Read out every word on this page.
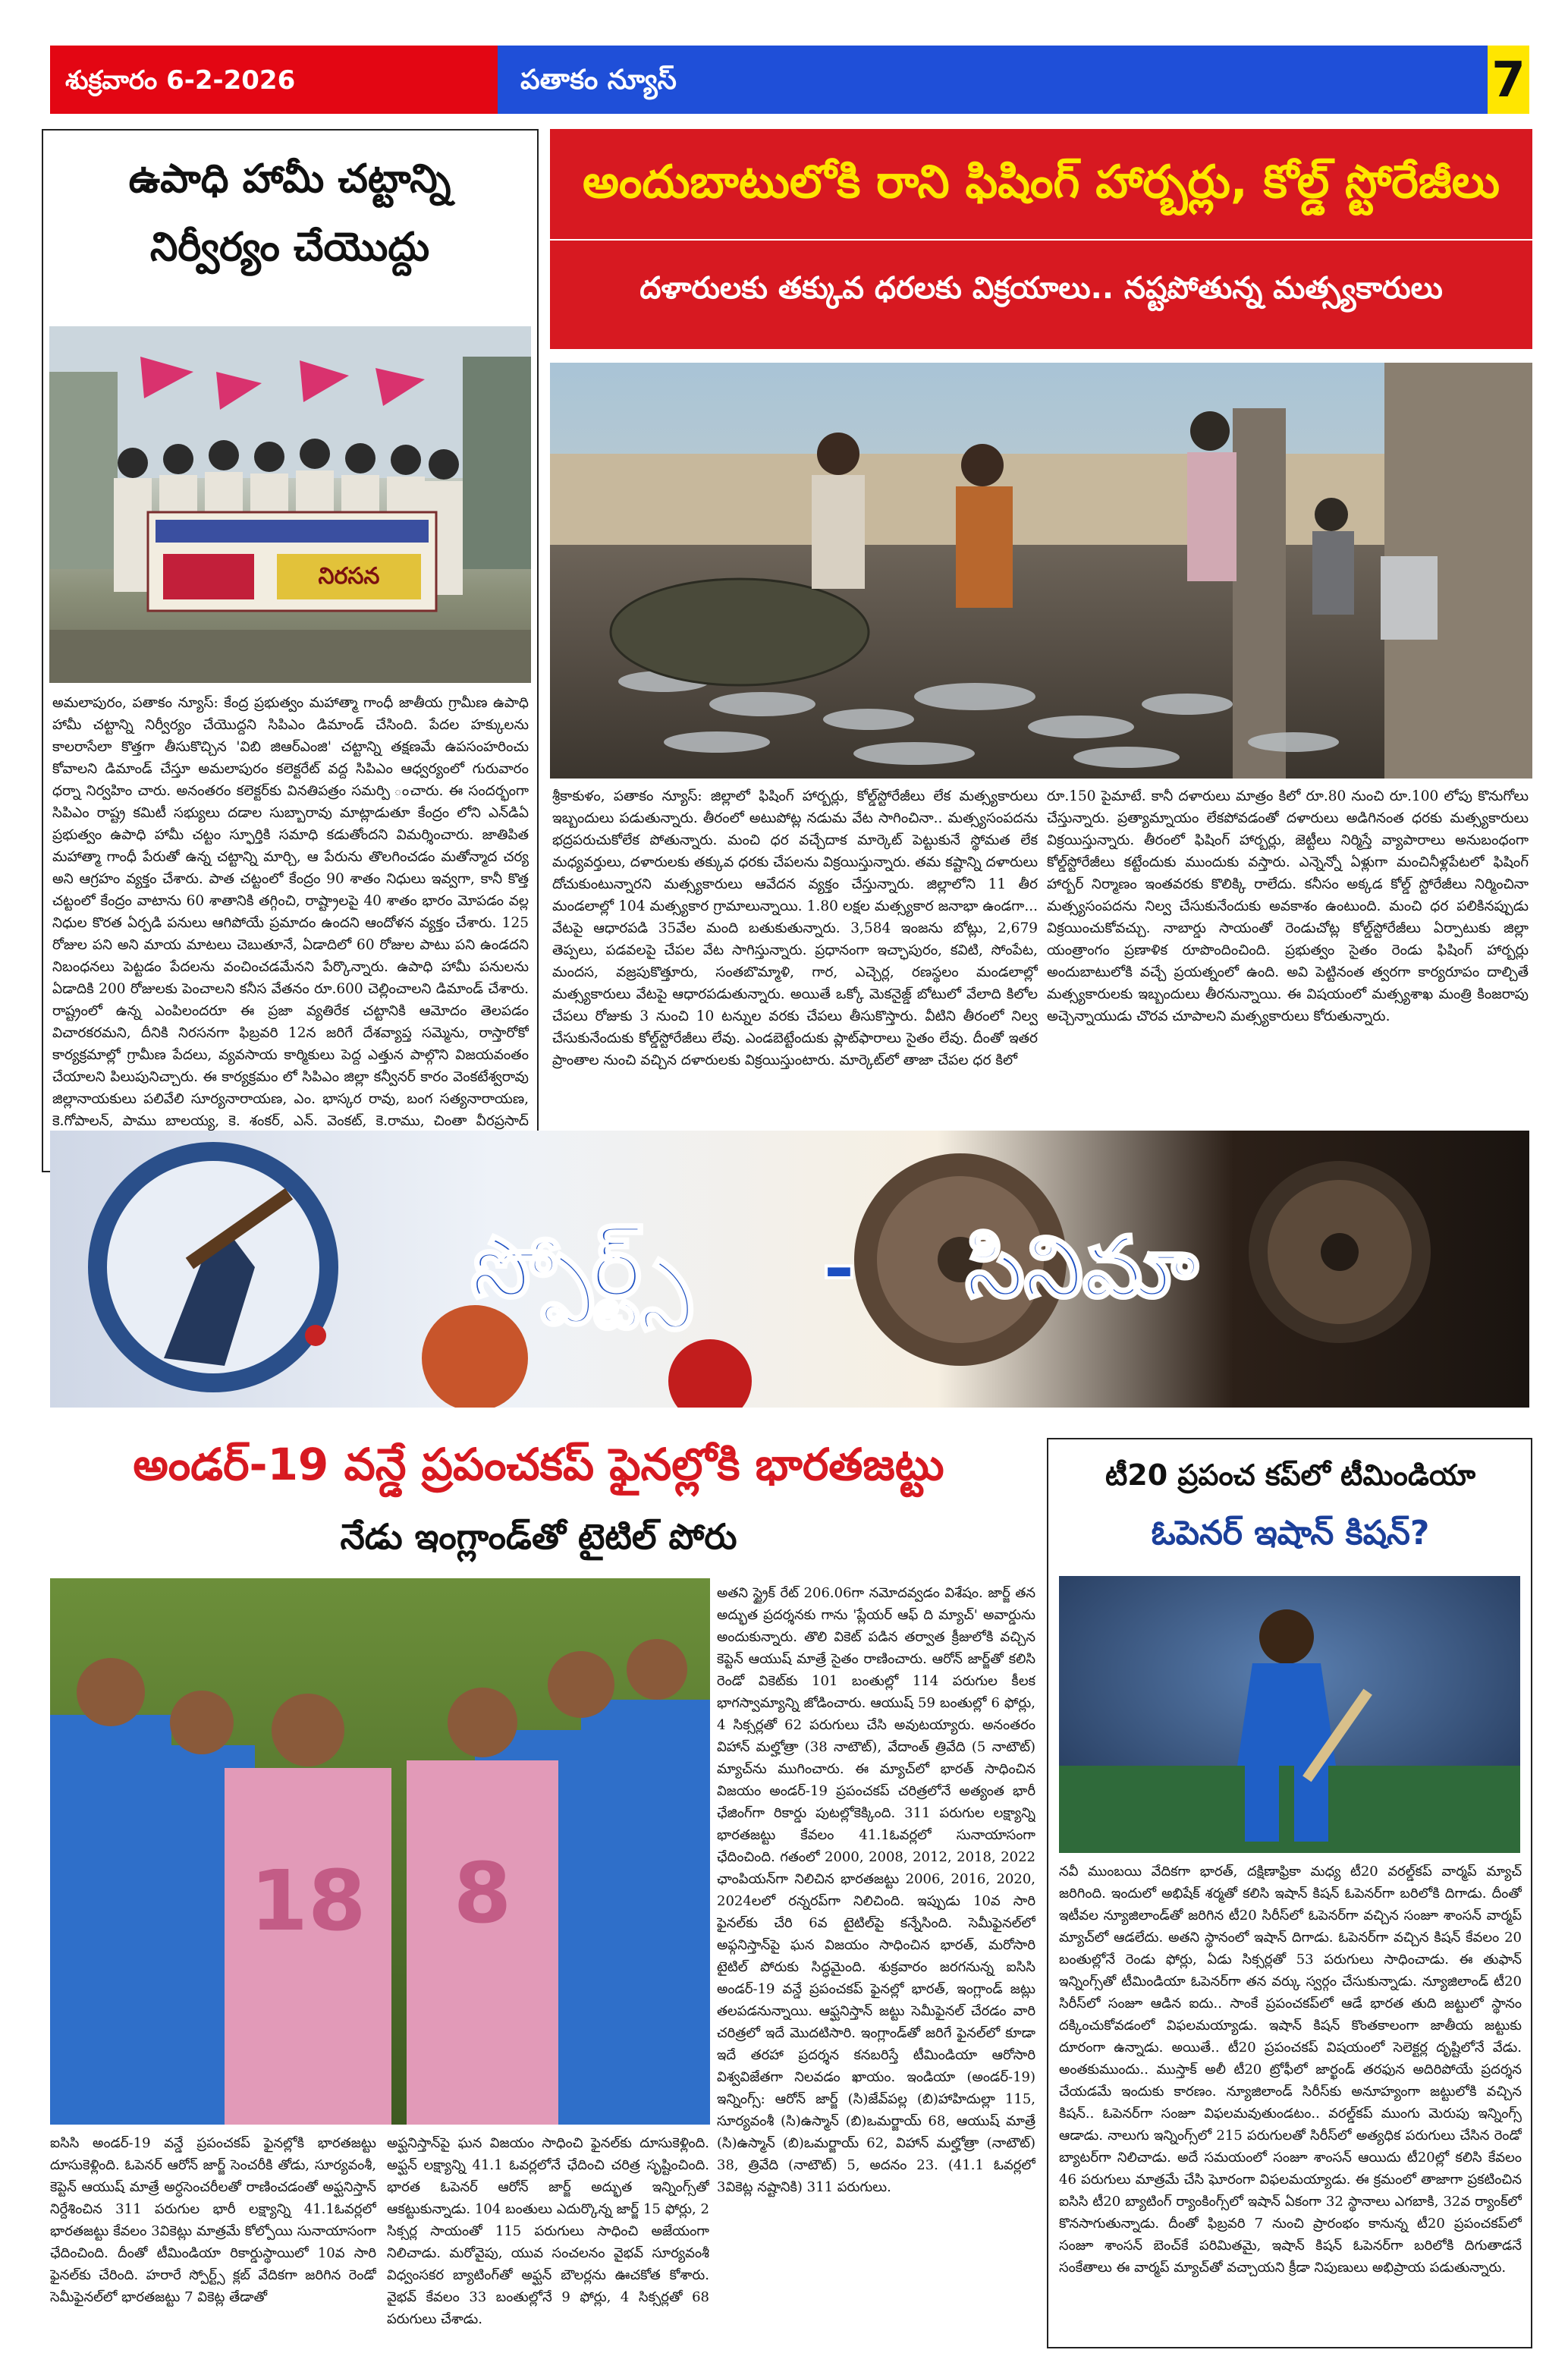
శుక్రవారం 6-2-2026	పతాకం న్యూస్	7
ఉపాధి హామీ చట్టాన్ని
నిర్వీర్యం చేయొద్దు
నిరసన
అమలాపురం, పతాకం న్యూస్: కేంద్ర ప్రభుత్వం మహాత్మా గాంధీ జాతీయ గ్రామీణ ఉపాధి హామీ చట్టాన్ని నిర్వీర్యం చేయొద్దని సిపిఎం డిమాండ్ చేసింది. పేదల హక్కులను కాలరాసేలా కొత్తగా తీసుకొచ్చిన 'విబి జిఆర్ఎంజి' చట్టాన్ని తక్షణమే ఉపసంహరించు కోవాలని డిమాండ్ చేస్తూ అమలాపురం కలెక్టరేట్ వద్ద సిపిఎం ఆధ్వర్యంలో గురువారం ధర్నా నిర్వహిం చారు. అనంతరం కలెక్టర్‌కు వినతిపత్రం సమర్పి ంచారు. ఈ సందర్భంగా సిపిఎం రాష్ట్ర కమిటీ సభ్యులు దడాల సుబ్బారావు మాట్లాడుతూ కేంద్రం లోని ఎన్‌డిఏ ప్రభుత్వం ఉపాధి హామీ చట్టం స్ఫూర్తికి సమాధి కడుతోందని విమర్శించారు. జాతిపిత మహాత్మా గాంధీ పేరుతో ఉన్న చట్టాన్ని మార్చి, ఆ పేరును తొలగించడం మతోన్మాద చర్య అని ఆగ్రహం వ్యక్తం చేశారు. పాత చట్టంలో కేంద్రం 90 శాతం నిధులు ఇవ్వగా, కానీ కొత్త చట్టంలో కేంద్రం వాటాను 60 శాతానికి తగ్గించి, రాష్ట్రాలపై 40 శాతం భారం మోపడం వల్ల నిధుల కొరత ఏర్పడి పనులు ఆగిపోయే ప్రమాదం ఉందని ఆందోళన వ్యక్తం చేశారు. 125 రోజుల పని అని మాయ మాటలు చెబుతూనే, ఏడాదిలో 60 రోజుల పాటు పని ఉండదని నిబంధనలు పెట్టడం పేదలను వంచించడమేనని పేర్కొన్నారు. ఉపాధి హామీ పనులను ఏడాదికి 200 రోజులకు పెంచాలని కనీస వేతనం రూ.600 చెల్లించాలని డిమాండ్ చేశారు. రాష్ట్రంలో ఉన్న ఎంపిలందరూ ఈ ప్రజా వ్యతిరేక చట్టానికి ఆమోదం తెలపడం విచారకరమని, దీనికి నిరసనగా ఫిబ్రవరి 12న జరిగే దేశవ్యాప్త సమ్మెను, రాస్తారోకో కార్యక్రమాల్లో గ్రామీణ పేదలు, వ్యవసాయ కార్మికులు పెద్ద ఎత్తున పాల్గొని విజయవంతం చేయాలని పిలుపునిచ్చారు. ఈ కార్యక్రమం లో సిపిఎం జిల్లా కన్వీనర్ కారం వెంకటేశ్వరావు జిల్లానాయకులు పలివేలి సూర్యనారాయణ, ఎం. భాస్కర రావు, బంగ సత్యనారాయణ, కె.గోపాలన్, పాము బాలయ్య, కె. శంకర్, ఎన్. వెంకట్, కె.రాము, చింతా వీరప్రసాద్
అందుబాటులోకి రాని ఫిషింగ్ హార్బర్లు, కోల్డ్ స్టోరేజీలు
దళారులకు తక్కువ ధరలకు విక్రయాలు.. నష్టపోతున్న మత్స్యకారులు
శ్రీకాకుళం, పతాకం న్యూస్: జిల్లాలో ఫిషింగ్ హార్బర్లు, కోల్డ్‌స్టోరేజీలు లేక మత్స్యకారులు ఇబ్బందులు పడుతున్నారు. తీరంలో అటుపోట్ల నడుమ వేట సాగించినా.. మత్స్యసంపదను భద్రపరుచుకోలేక పోతున్నారు. మంచి ధర వచ్చేదాక మార్కెట్ పెట్టుకునే స్థోమత లేక మధ్యవర్తులు, దళారులకు తక్కువ ధరకు చేపలను విక్రయిస్తున్నారు. తమ కష్టాన్ని దళారులు దోచుకుంటున్నారని మత్స్యకారులు ఆవేదన వ్యక్తం చేస్తున్నారు. జిల్లాలోని 11 తీర మండలాల్లో 104 మత్స్యకార గ్రామాలున్నాయి. 1.80 లక్షల మత్స్యకార జనాభా ఉండగా... వేటపై ఆధారపడి 35వేల మంది బతుకుతున్నారు. 3,584 ఇంజను బోట్లు, 2,679 తెప్పలు, పడవలపై చేపల వేట సాగిస్తున్నారు. ప్రధానంగా ఇచ్ఛాపురం, కవిటి, సోంపేట, మందస, వజ్రపుకొత్తూరు, సంతబొమ్మాళి, గార, ఎచ్చెర్ల, రణస్థలం మండలాల్లో మత్స్యకారులు వేటపై ఆధారపడుతున్నారు. అయితే ఒక్కో మెకనైజ్డ్ బోటులో వేలాది కిలోల చేపలు రోజుకు 3 నుంచి 10 టన్నుల వరకు చేపలు తీసుకొస్తారు. వీటిని తీరంలో నిల్వ చేసుకునేందుకు కోల్డ్‌స్టోరేజీలు లేవు. ఎండబెట్టేందుకు ప్లాట్‌ఫారాలు సైతం లేవు. దీంతో ఇతర ప్రాంతాల నుంచి వచ్చిన దళారులకు విక్రయిస్తుంటారు. మార్కెట్‌లో తాజా చేపల ధర కిలో
రూ.150 పైమాటే. కానీ దళారులు మాత్రం కిలో రూ.80 నుంచి రూ.100 లోపు కొనుగోలు చేస్తున్నారు. ప్రత్యామ్నాయం లేకపోవడంతో దళారులు అడిగినంత ధరకు మత్స్యకారులు విక్రయిస్తున్నారు. తీరంలో ఫిషింగ్ హార్బర్లు, జెట్టీలు నిర్మిస్తే వ్యాపారాలు అనుబంధంగా కోల్డ్‌స్టోరేజీలు కట్టేందుకు ముందుకు వస్తారు. ఎన్నెన్నో ఏళ్లుగా మంచినీళ్లపేటలో ఫిషింగ్ హార్బర్ నిర్మాణం ఇంతవరకు కొలిక్కి రాలేదు. కనీసం అక్కడ కోల్డ్ స్టోరేజీలు నిర్మించినా మత్స్యసంపదను నిల్వ చేసుకునేందుకు అవకాశం ఉంటుంది. మంచి ధర పలికినప్పుడు విక్రయించుకోవచ్చు. నాబార్డు సాయంతో రెండుచోట్ల కోల్డ్‌స్టోరేజీలు ఏర్పాటుకు జిల్లా యంత్రాంగం ప్రణాళిక రూపొందించింది. ప్రభుత్వం సైతం రెండు ఫిషింగ్ హార్బర్లు అందుబాటులోకి వచ్చే ప్రయత్నంలో ఉంది. అవి పెట్టినంత త్వరగా కార్యరూపం దాల్చితే మత్స్యకారులకు ఇబ్బందులు తీరనున్నాయి. ఈ విషయంలో మత్స్యశాఖ మంత్రి కింజరాపు అచ్చెన్నాయుడు చొరవ చూపాలని మత్స్యకారులు కోరుతున్నారు.
స్పోర్ట్స్	-	సినిమా
అండర్-19 వన్డే ప్రపంచకప్ ఫైనల్లోకి భారతజట్టు
నేడు ఇంగ్లాండ్‌తో టైటిల్ పోరు
18	8
అతని స్ట్రైక్ రేట్ 206.06గా నమోదవ్వడం విశేషం. జార్జ్ తన అద్భుత ప్రదర్శనకు గాను 'ప్లేయర్ ఆఫ్ ది మ్యాచ్' అవార్డును అందుకున్నారు. తొలి వికెట్ పడిన తర్వాత క్రీజులోకి వచ్చిన కెప్టెన్ ఆయుష్ మాత్రే సైతం రాణించారు. ఆరోన్ జార్జ్‌తో కలిసి రెండో వికెట్‌కు 101 బంతుల్లో 114 పరుగుల కీలక భాగస్వామ్యాన్ని జోడించారు. ఆయుష్ 59 బంతుల్లో 6 ఫోర్లు, 4 సిక్సర్లతో 62 పరుగులు చేసి అవుటయ్యారు. అనంతరం విహాన్ మల్హోత్రా (38 నాటౌట్), వేదాంత్ త్రివేది (5 నాటౌట్) మ్యాచ్‌ను ముగించారు. ఈ మ్యాచ్‌లో భారత్ సాధించిన విజయం అండర్-19 ప్రపంచకప్ చరిత్రలోనే అత్యంత భారీ ఛేజింగ్‌గా రికార్డు పుటల్లోకెక్కింది. 311 పరుగుల లక్ష్యాన్ని భారతజట్టు కేవలం 41.1ఓవర్లలో సునాయాసంగా ఛేదించింది. గతంలో 2000, 2008, 2012, 2018, 2022 ఛాంపియన్‌గా నిలిచిన భారతజట్టు 2006, 2016, 2020, 2024లలో రన్నరప్‌గా నిలిచింది. ఇప్పుడు 10వ సారి ఫైనల్‌కు చేరి 6వ టైటిల్‌పై కన్నేసింది. సెమీఫైనల్‌లో అఫ్గనిస్తాన్‌పై ఘన విజయం సాధించిన భారత్, మరోసారి టైటిల్ పోరుకు సిద్ధమైంది. శుక్రవారం జరగనున్న ఐసిసి అండర్-19 వన్డే ప్రపంచకప్ ఫైనల్లో భారత్, ఇంగ్లాండ్ జట్లు తలపడనున్నాయి. ఆఫ్ఘనిస్తాన్ జట్టు సెమీఫైనల్‌ చేరడం వారి చరిత్రలో ఇదే మొదటిసారి. ఇంగ్లాండ్‌తో జరిగే ఫైనల్‌లో కూడా ఇదే తరహా ప్రదర్శన కనబరిస్తే టీమిండియా ఆరోసారి విశ్వవిజేతగా నిలవడం ఖాయం. ఇండియా (అండర్-19) ఇన్నింగ్స్: ఆరోన్ జార్జ్ (సి)జేవ్‌పల్ల (బి)హాహిదుల్లా 115, సూర్యవంశీ (సి)ఉస్మాన్ (బి)ఒమర్జాయ్ 68, ఆయుష్ మాత్రే (సి)ఉస్మాన్ (బి)ఒమర్జాయ్ 62, విహాన్ మల్హోత్రా (నాటౌట్) 38, త్రివేది (నాటౌట్) 5, అదనం 23. (41.1 ఓవర్లలో 3వికెట్ల నష్టానికి) 311 పరుగులు.
ఐసిసి అండర్-19 వన్డే ప్రపంచకప్ ఫైనల్లోకి భారతజట్టు దూసుకెళ్లింది. ఓపెనర్ ఆరోన్ జార్జ్ సెంచరీకి తోడు, సూర్యవంశీ, కెప్టెన్ ఆయుష్ మాత్రే అర్ధసెంచరీలతో రాణించడంతో అఫ్ఘనిస్తాన్ నిర్దేశించిన 311 పరుగుల భారీ లక్ష్యాన్ని 41.1ఓవర్లలో భారతజట్టు కేవలం 3వికెట్లు మాత్రమే కోల్పోయి సునాయాసంగా ఛేదించింది. దీంతో టీమిండియా రికార్డుస్థాయిలో 10వ సారి ఫైనల్‌కు చేరింది. హరారే స్పోర్ట్స్ క్లబ్ వేదికగా జరిగిన రెండో సెమీఫైనల్‌లో భారతజట్టు 7 వికెట్ల తేడాతో
అఫ్ఘనిస్తాన్‌పై ఘన విజయం సాధించి ఫైనల్‌కు దూసుకెళ్లింది. అఫ్ఘన్ లక్ష్యాన్ని 41.1 ఓవర్లలోనే ఛేదించి చరిత్ర సృష్టించింది. భారత ఓపెనర్ ఆరోన్ జార్జ్ అద్భుత ఇన్నింగ్స్‌తో ఆకట్టుకున్నాడు. 104 బంతులు ఎదుర్కొన్న జార్జ్ 15 ఫోర్లు, 2 సిక్సర్ల సాయంతో 115 పరుగులు సాధించి అజేయంగా నిలిచాడు. మరోవైపు, యువ సంచలనం వైభవ్ సూర్యవంశీ విధ్వంసకర బ్యాటింగ్‌తో అఫ్ఘన్ బౌలర్లను ఊచకోత కోశారు. వైభవ్ కేవలం 33 బంతుల్లోనే 9 ఫోర్లు, 4 సిక్సర్లతో 68 పరుగులు చేశాడు.
టీ20 ప్రపంచ కప్‌లో టీమిండియా
ఓపెనర్ ఇషాన్ కిషన్?
నవీ ముంబయి వేదికగా భారత్, దక్షిణాఫ్రికా మధ్య టీ20 వరల్డ్‌కప్ వార్మప్ మ్యాచ్ జరిగింది. ఇందులో అభిషేక్ శర్మతో కలిసి ఇషాన్ కిషన్ ఓపెనర్‌గా బరిలోకి దిగాడు. దీంతో ఇటీవల న్యూజిలాండ్‌తో జరిగిన టీ20 సిరీస్‌లో ఓపెనర్‌గా వచ్చిన సంజూ శాంసన్ వార్మప్ మ్యాచ్‌లో ఆడలేదు. అతని స్థానంలో ఇషాన్ దిగాడు. ఓపెనర్‌గా వచ్చిన కిషన్ కేవలం 20 బంతుల్లోనే రెండు ఫోర్లు, ఏడు సిక్సర్లతో 53 పరుగులు సాధించాడు. ఈ తుఫాన్ ఇన్నింగ్స్‌తో టీమిండియా ఓపెనర్‌గా తన వర్కు స్వర్గం చేసుకున్నాడు. న్యూజిలాండ్ టీ20 సిరీస్‌లో సంజూ ఆడిన ఐదు.. సాంకే ప్రపంచకప్‌లో ఆడే భారత తుది జట్టులో స్థానం దక్కించుకోవడంలో విఫలమయ్యాడు. ఇషాన్ కిషన్ కొంతకాలంగా జాతీయ జట్టుకు దూరంగా ఉన్నాడు. అయితే.. టీ20 ప్రపంచకప్ విషయంలో సెలెక్టర్ల దృష్టిలోనే వేడు. అంతకుముందు.. ముస్తాక్ అలీ టీ20 ట్రోఫీలో జార్ఖండ్ తరఫున అదిరిపోయే ప్రదర్శన చేయడమే ఇందుకు కారణం. న్యూజిలాండ్ సిరీస్‌కు అనూహ్యంగా జట్టులోకి వచ్చిన కిషన్.. ఓపెనర్‌గా సంజూ విఫలమవుతుండటం.. వరల్డ్‌కప్ ముంగు మెరుపు ఇన్నింగ్స్ ఆడాడు. నాలుగు ఇన్నింగ్స్‌లో 215 పరుగులతో సిరీస్‌లో అత్యధిక పరుగులు చేసిన రెండో బ్యాటర్‌గా నిలిచాడు. అదే సమయంలో సంజూ శాంసన్ ఆయిదు టీ20ల్లో కలిసి కేవలం 46 పరుగులు మాత్రమే చేసి ఘోరంగా విఫలమయ్యాడు. ఈ క్రమంలో తాజాగా ప్రకటించిన ఐసిసి టీ20 బ్యాటింగ్ ర్యాంకింగ్స్‌లో ఇషాన్ ఏకంగా 32 స్థానాలు ఎగబాకి, 32వ ర్యాంక్‌లో కొనసాగుతున్నాడు. దీంతో ఫిబ్రవరి 7 నుంచి ప్రారంభం కానున్న టీ20 ప్రపంచకప్‌లో సంజూ శాంసన్ బెంచ్‌కే పరిమితమై, ఇషాన్ కిషన్ ఓపెనర్‌గా బరిలోకి దిగుతాడనే సంకేతాలు ఈ వార్మప్ మ్యాచ్‌తో వచ్చాయని క్రీడా నిపుణులు అభిప్రాయ పడుతున్నారు.
